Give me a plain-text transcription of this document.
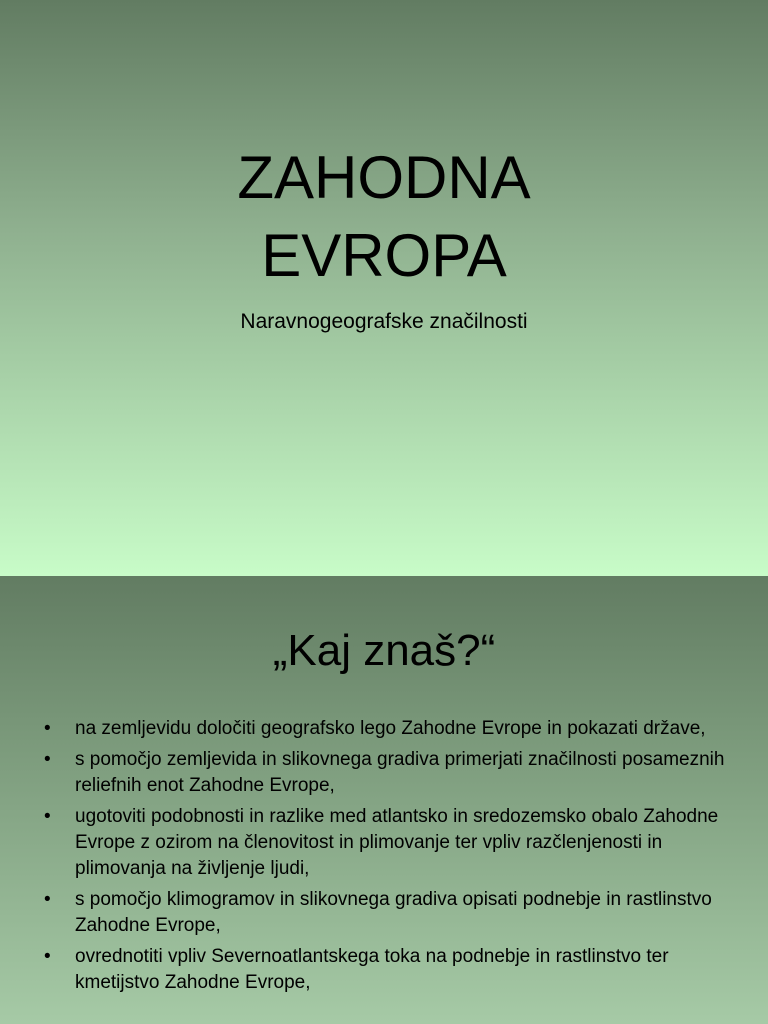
ZAHODNA
EVROPA
Naravnogeografske značilnosti
„Kaj znaš?“
• na zemljevidu določiti geografsko lego Zahodne Evrope in pokazati države,
• s pomočjo zemljevida in slikovnega gradiva primerjati značilnosti posameznih reliefnih enot Zahodne Evrope,
• ugotoviti podobnosti in razlike med atlantsko in sredozemsko obalo Zahodne Evrope z ozirom na členovitost in plimovanje ter vpliv razčlenjenosti in plimovanja na življenje ljudi,
• s pomočjo klimogramov in slikovnega gradiva opisati podnebje in rastlinstvo Zahodne Evrope,
• ovrednotiti vpliv Severnoatlantskega toka na podnebje in rastlinstvo ter kmetijstvo Zahodne Evrope,
